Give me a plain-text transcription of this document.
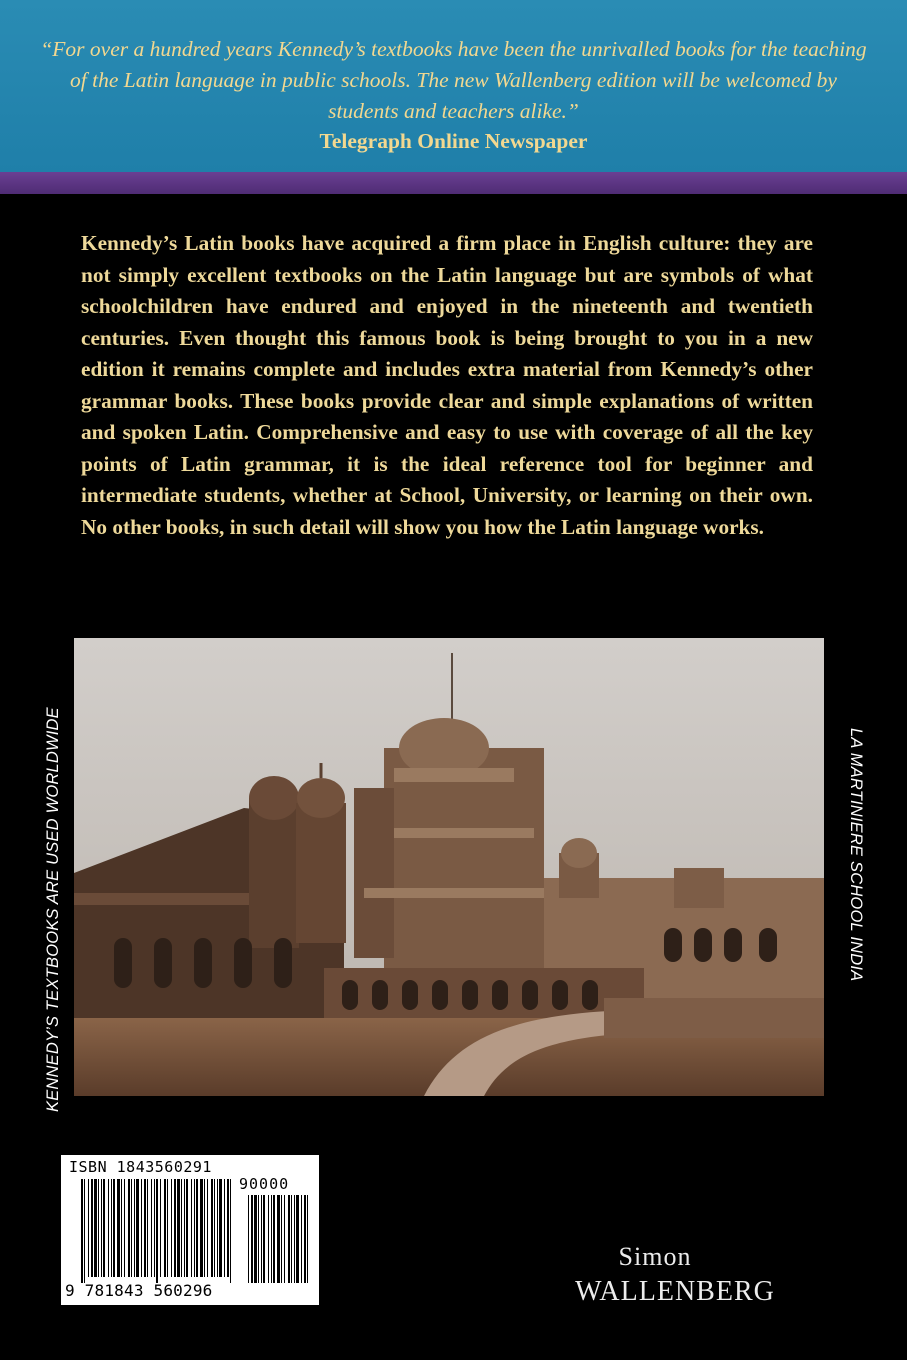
“For over a hundred years Kennedy’s textbooks have been the unrivalled books for the teaching of the Latin language in public schools. The new Wallenberg edition will be welcomed by students and teachers alike.”

Telegraph Online Newspaper

Kennedy’s Latin books have acquired a firm place in English culture: they are not simply excellent textbooks on the Latin language but are symbols of what schoolchildren have endured and enjoyed in the nineteenth and twentieth centuries. Even thought this famous book is being brought to you in a new edition it remains complete and includes extra material from Kennedy’s other grammar books. These books provide clear and simple explanations of written and spoken Latin. Comprehensive and easy to use with coverage of all the key points of Latin grammar, it is the ideal reference tool for beginner and intermediate students, whether at School, University, or learning on their own. No other books, in such detail will show you how the Latin language works.

KENNEDY’S TEXTBOOKS ARE USED WORLDWIDE	LA MARTINIERE SCHOOL INDIA
ISBN 1843560291
90000
9 781843 560296
Simon
WALLENBERG
